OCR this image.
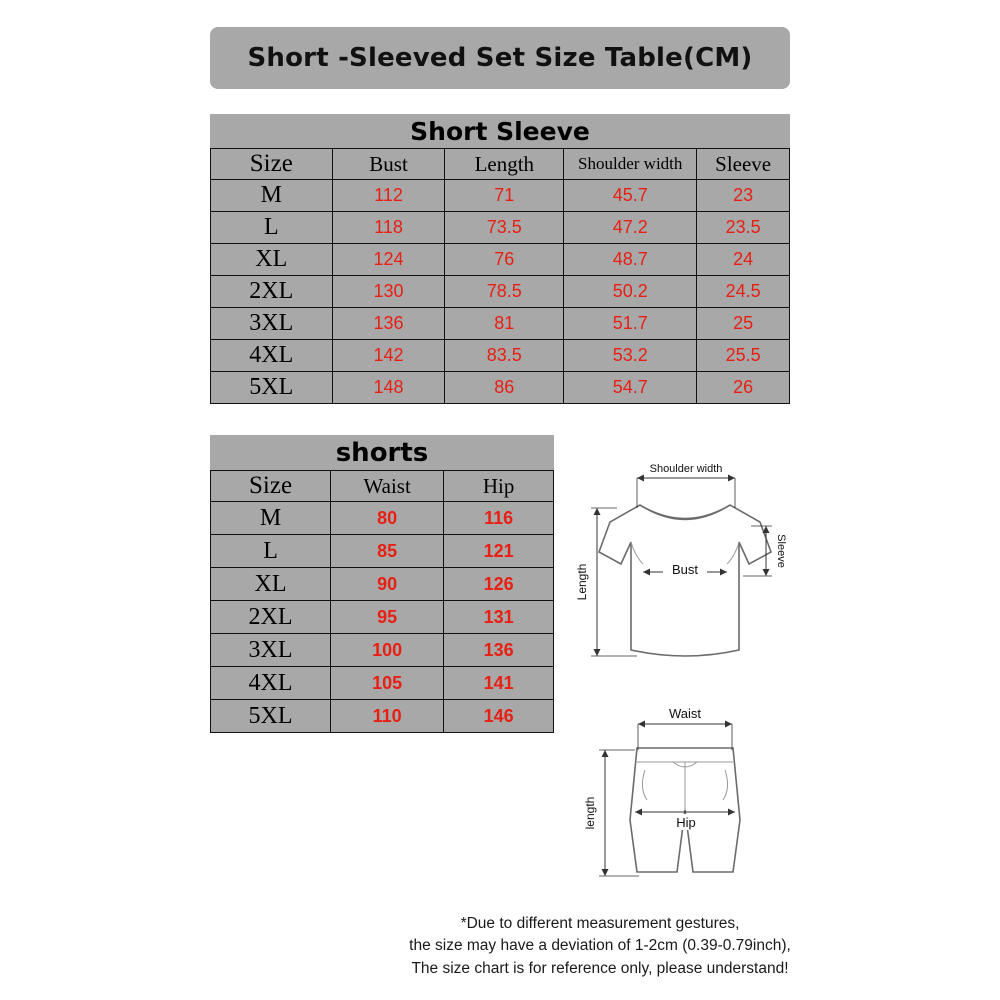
Short -Sleeved Set Size Table(CM)
Short Sleeve
Size	Bust	Length	Shoulder width	Sleeve
M	112	71	45.7	23
L	118	73.5	47.2	23.5
XL	124	76	48.7	24
2XL	130	78.5	50.2	24.5
3XL	136	81	51.7	25
4XL	142	83.5	53.2	25.5
5XL	148	86	54.7	26
shorts
Size	Waist	Hip
M	80	116
L	85	121
XL	90	126
2XL	95	131
3XL	100	136
4XL	105	141
5XL	110	146
Shoulder width
Sleeve
Bust
Length
Waist
Hip
length
*Due to different measurement gestures,
the size may have a deviation of 1-2cm (0.39-0.79inch),
The size chart is for reference only, please understand!
